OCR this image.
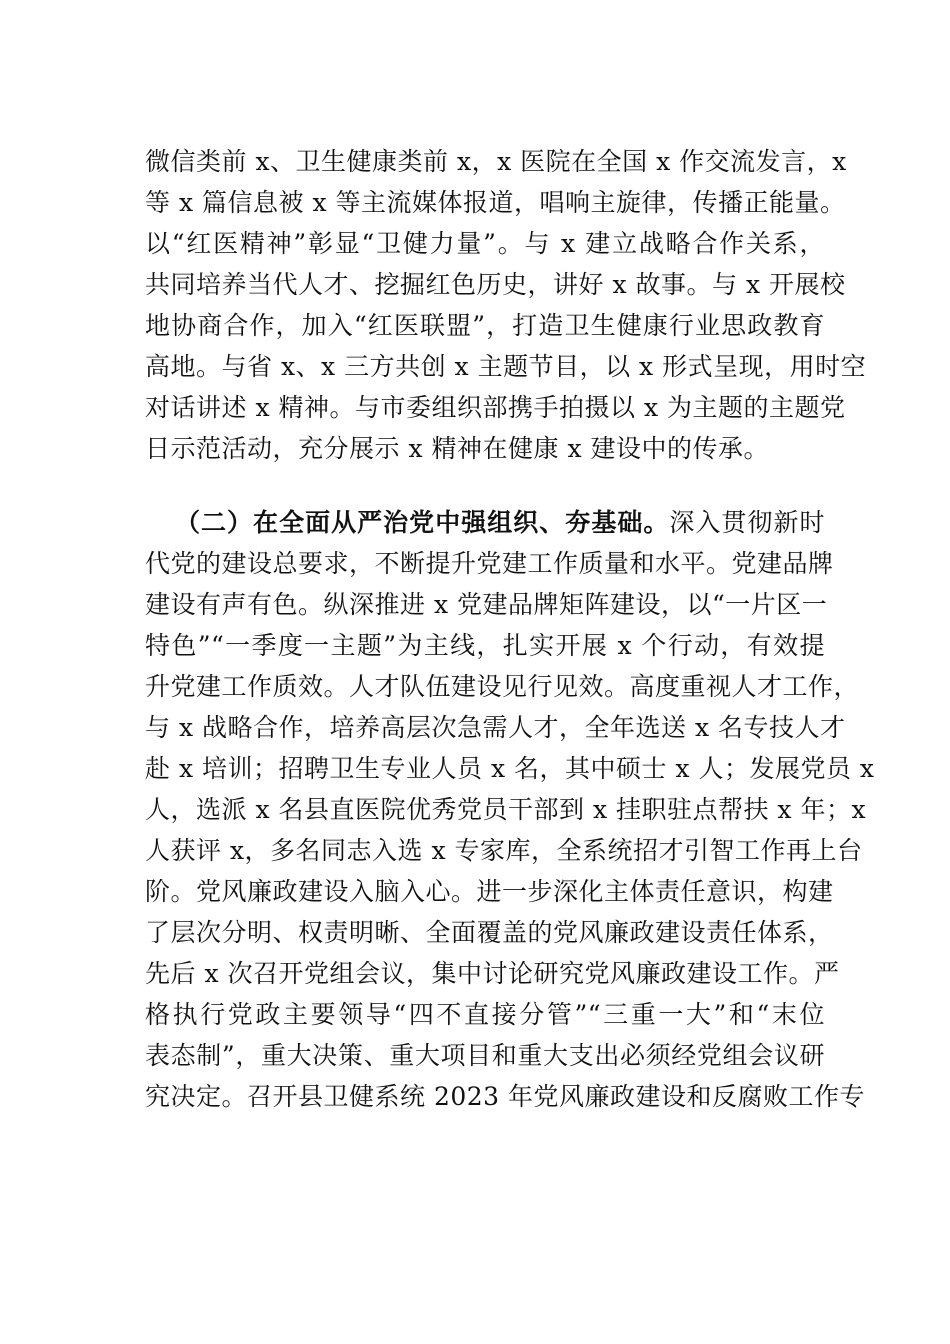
微信类前 x、卫生健康类前 x，x 医院在全国 x 作交流发言，x
等 x 篇信息被 x 等主流媒体报道，唱响主旋律，传播正能量。
以“红医精神”彰显“卫健力量”。与 x 建立战略合作关系，
共同培养当代人才、挖掘红色历史，讲好 x 故事。与 x 开展校
地协商合作，加入“红医联盟”，打造卫生健康行业思政教育
高地。与省 x、x 三方共创 x 主题节目，以 x 形式呈现，用时空
对话讲述 x 精神。与市委组织部携手拍摄以 x 为主题的主题党
日示范活动，充分展示 x 精神在健康 x 建设中的传承。
（二）在全面从严治党中强组织、夯基础。深入贯彻新时
代党的建设总要求，不断提升党建工作质量和水平。党建品牌
建设有声有色。纵深推进 x 党建品牌矩阵建设，以“一片区一
特色”“一季度一主题”为主线，扎实开展 x 个行动，有效提
升党建工作质效。人才队伍建设见行见效。高度重视人才工作，
与 x 战略合作，培养高层次急需人才，全年选送 x 名专技人才
赴 x 培训；招聘卫生专业人员 x 名，其中硕士 x 人；发展党员 x
人，选派 x 名县直医院优秀党员干部到 x 挂职驻点帮扶 x 年；x
人获评 x，多名同志入选 x 专家库，全系统招才引智工作再上台
阶。党风廉政建设入脑入心。进一步深化主体责任意识，构建
了层次分明、权责明晰、全面覆盖的党风廉政建设责任体系，
先后 x 次召开党组会议，集中讨论研究党风廉政建设工作。严
格执行党政主要领导“四不直接分管”“三重一大”和“末位
表态制”，重大决策、重大项目和重大支出必须经党组会议研
究决定。召开县卫健系统 2023 年党风廉政建设和反腐败工作专
